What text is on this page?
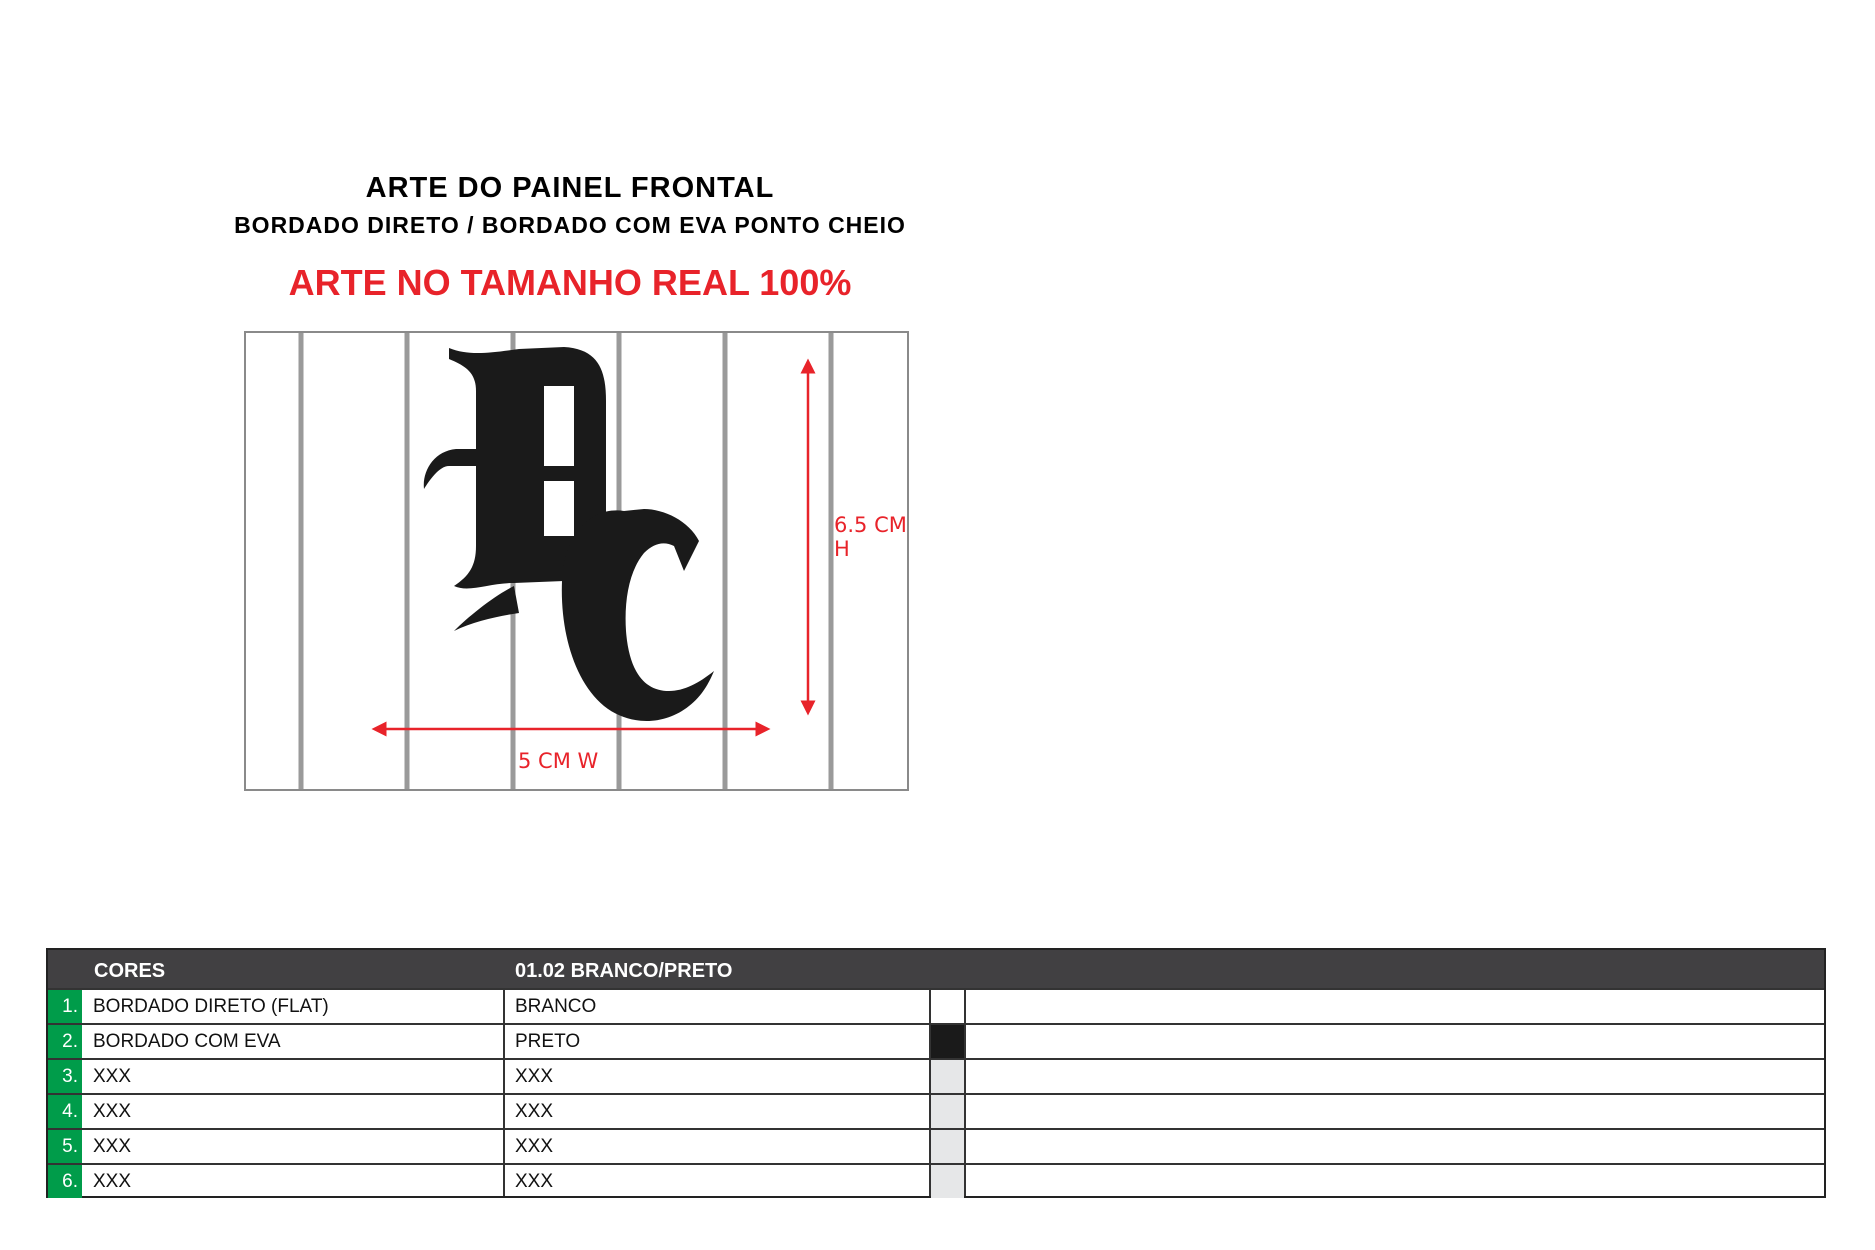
ARTE DO PAINEL FRONTAL
BORDADO DIRETO / BORDADO COM EVA PONTO CHEIO
ARTE NO TAMANHO REAL 100%
6.5 CM H
5 CM W
CORES	01.02 BRANCO/PRETO
1. BORDADO DIRETO (FLAT)	BRANCO
2. BORDADO COM EVA	PRETO
3. XXX	XXX
4. XXX	XXX
5. XXX	XXX
6. XXX	XXX
